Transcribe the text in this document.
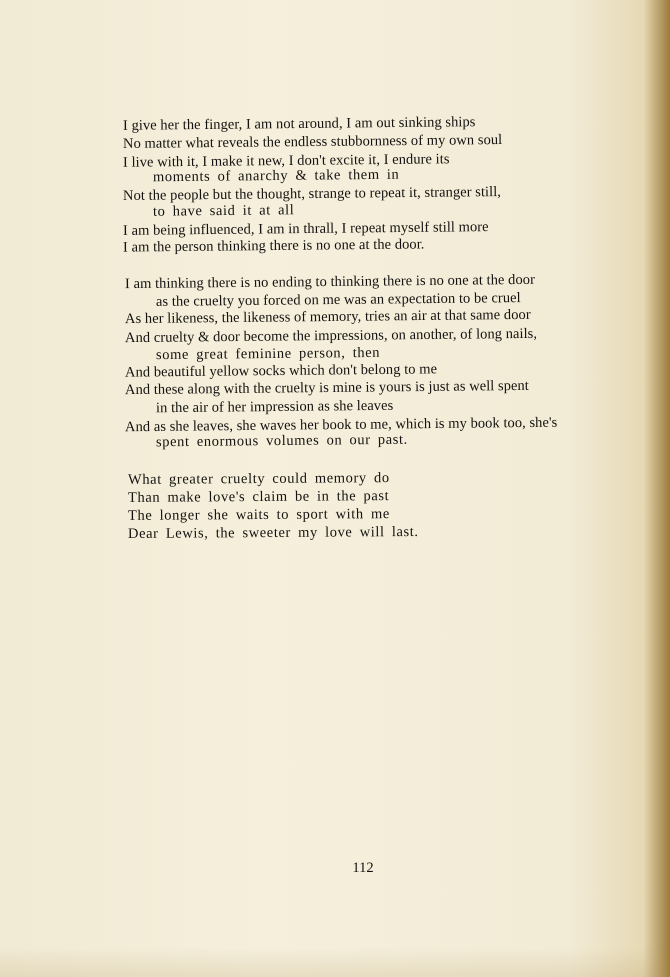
I give her the finger, I am not around, I am out sinking ships
No matter what reveals the endless stubbornness of my own soul
I live with it, I make it new, I don't excite it, I endure its
moments of anarchy & take them in
Not the people but the thought, strange to repeat it, stranger still,
to have said it at all
I am being influenced, I am in thrall, I repeat myself still more
I am the person thinking there is no one at the door.
I am thinking there is no ending to thinking there is no one at the door
as the cruelty you forced on me was an expectation to be cruel
As her likeness, the likeness of memory, tries an air at that same door
And cruelty & door become the impressions, on another, of long nails,
some great feminine person, then
And beautiful yellow socks which don't belong to me
And these along with the cruelty is mine is yours is just as well spent
in the air of her impression as she leaves
And as she leaves, she waves her book to me, which is my book too, she's
spent enormous volumes on our past.
What greater cruelty could memory do
Than make love's claim be in the past
The longer she waits to sport with me
Dear Lewis, the sweeter my love will last.
112
